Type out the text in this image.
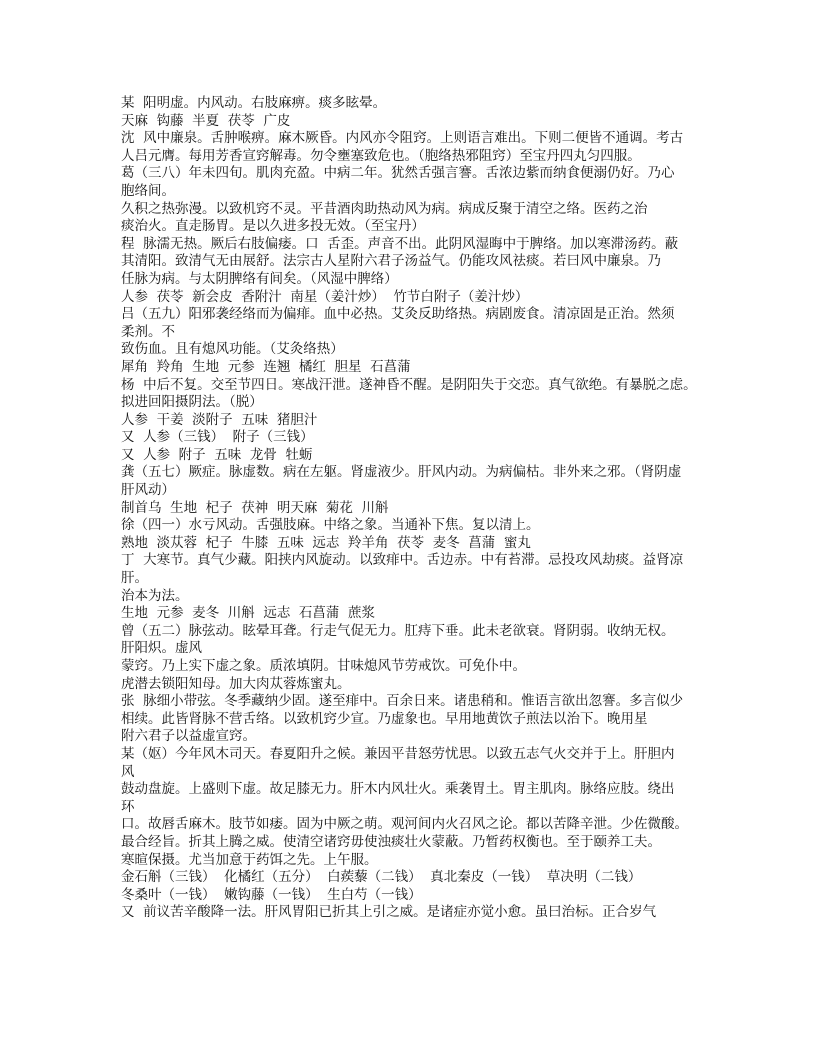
某  阳明虚。内风动。右肢麻痹。痰多眩晕。
天麻  钩藤  半夏  茯苓  广皮
沈  风中廉泉。舌肿喉痹。麻木厥昏。内风亦令阻窍。上则语言难出。下则二便皆不通调。考古
人吕元膺。每用芳香宣窍解毒。勿令壅塞致危也。（胞络热邪阻窍）至宝丹四丸匀四服。
葛（三八）年未四旬。肌肉充盈。中病二年。犹然舌强言謇。舌浓边紫而纳食便溺仍好。乃心
胞络间。
久积之热弥漫。以致机窍不灵。平昔酒肉助热动风为病。病成反聚于清空之络。医药之治
痰治火。直走肠胃。是以久进多投无效。（至宝丹）
程  脉濡无热。厥后右肢偏痿。口  舌歪。声音不出。此阴风湿晦中于脾络。加以寒滞汤药。蔽
其清阳。致清气无由展舒。法宗古人星附六君子汤益气。仍能攻风祛痰。若曰风中廉泉。乃
任脉为病。与太阴脾络有间矣。（风湿中脾络）
人参  茯苓  新会皮  香附汁  南星（姜汁炒）  竹节白附子（姜汁炒）
吕（五九）阳邪袭经络而为偏痱。血中必热。艾灸反助络热。病剧废食。清凉固是正治。然须
柔剂。不
致伤血。且有熄风功能。（艾灸络热）
犀角  羚角  生地  元参  连翘  橘红  胆星  石菖蒲
杨  中后不复。交至节四日。寒战汗泄。遂神昏不醒。是阴阳失于交恋。真气欲绝。有暴脱之虑。
拟进回阳摄阴法。（脱）
人参  干姜  淡附子  五味  猪胆汁
又  人参（三钱）  附子（三钱）
又  人参  附子  五味  龙骨  牡蛎
龚（五七）厥症。脉虚数。病在左躯。肾虚液少。肝风内动。为病偏枯。非外来之邪。（肾阴虚
肝风动）
制首乌  生地  杞子  茯神  明天麻  菊花  川斛
徐（四一）水亏风动。舌强肢麻。中络之象。当通补下焦。复以清上。
熟地  淡苁蓉  杞子  牛膝  五味  远志  羚羊角  茯苓  麦冬  菖蒲  蜜丸
丁  大寒节。真气少藏。阳挟内风旋动。以致痱中。舌边赤。中有苔滞。忌投攻风劫痰。益肾凉
肝。
治本为法。
生地  元参  麦冬  川斛  远志  石菖蒲  蔗浆
曾（五二）脉弦动。眩晕耳聋。行走气促无力。肛痔下垂。此未老欲衰。肾阴弱。收纳无权。
肝阳炽。虚风
蒙窍。乃上实下虚之象。质浓填阴。甘味熄风节劳戒饮。可免仆中。
虎潜去锁阳知母。加大肉苁蓉炼蜜丸。
张  脉细小带弦。冬季藏纳少固。遂至痱中。百余日来。诸患稍和。惟语言欲出忽謇。多言似少
相续。此皆肾脉不营舌络。以致机窍少宣。乃虚象也。早用地黄饮子煎法以治下。晚用星
附六君子以益虚宣窍。
某（妪）今年风木司天。春夏阳升之候。兼因平昔怒劳忧思。以致五志气火交并于上。肝胆内
风
鼓动盘旋。上盛则下虚。故足膝无力。肝木内风壮火。乘袭胃土。胃主肌肉。脉络应肢。绕出
环
口。故唇舌麻木。肢节如痿。固为中厥之萌。观河间内火召风之论。都以苦降辛泄。少佐微酸。
最合经旨。折其上腾之威。使清空诸窍毋使浊痰壮火蒙蔽。乃暂药权衡也。至于颐养工夫。
寒暄保摄。尤当加意于药饵之先。上午服。
金石斛（三钱）  化橘红（五分）  白蒺藜（二钱）  真北秦皮（一钱）  草决明（二钱）
冬桑叶（一钱）  嫩钩藤（一钱）  生白芍（一钱）
又  前议苦辛酸降一法。肝风胃阳已折其上引之威。是诸症亦觉小愈。虽曰治标。正合岁气
